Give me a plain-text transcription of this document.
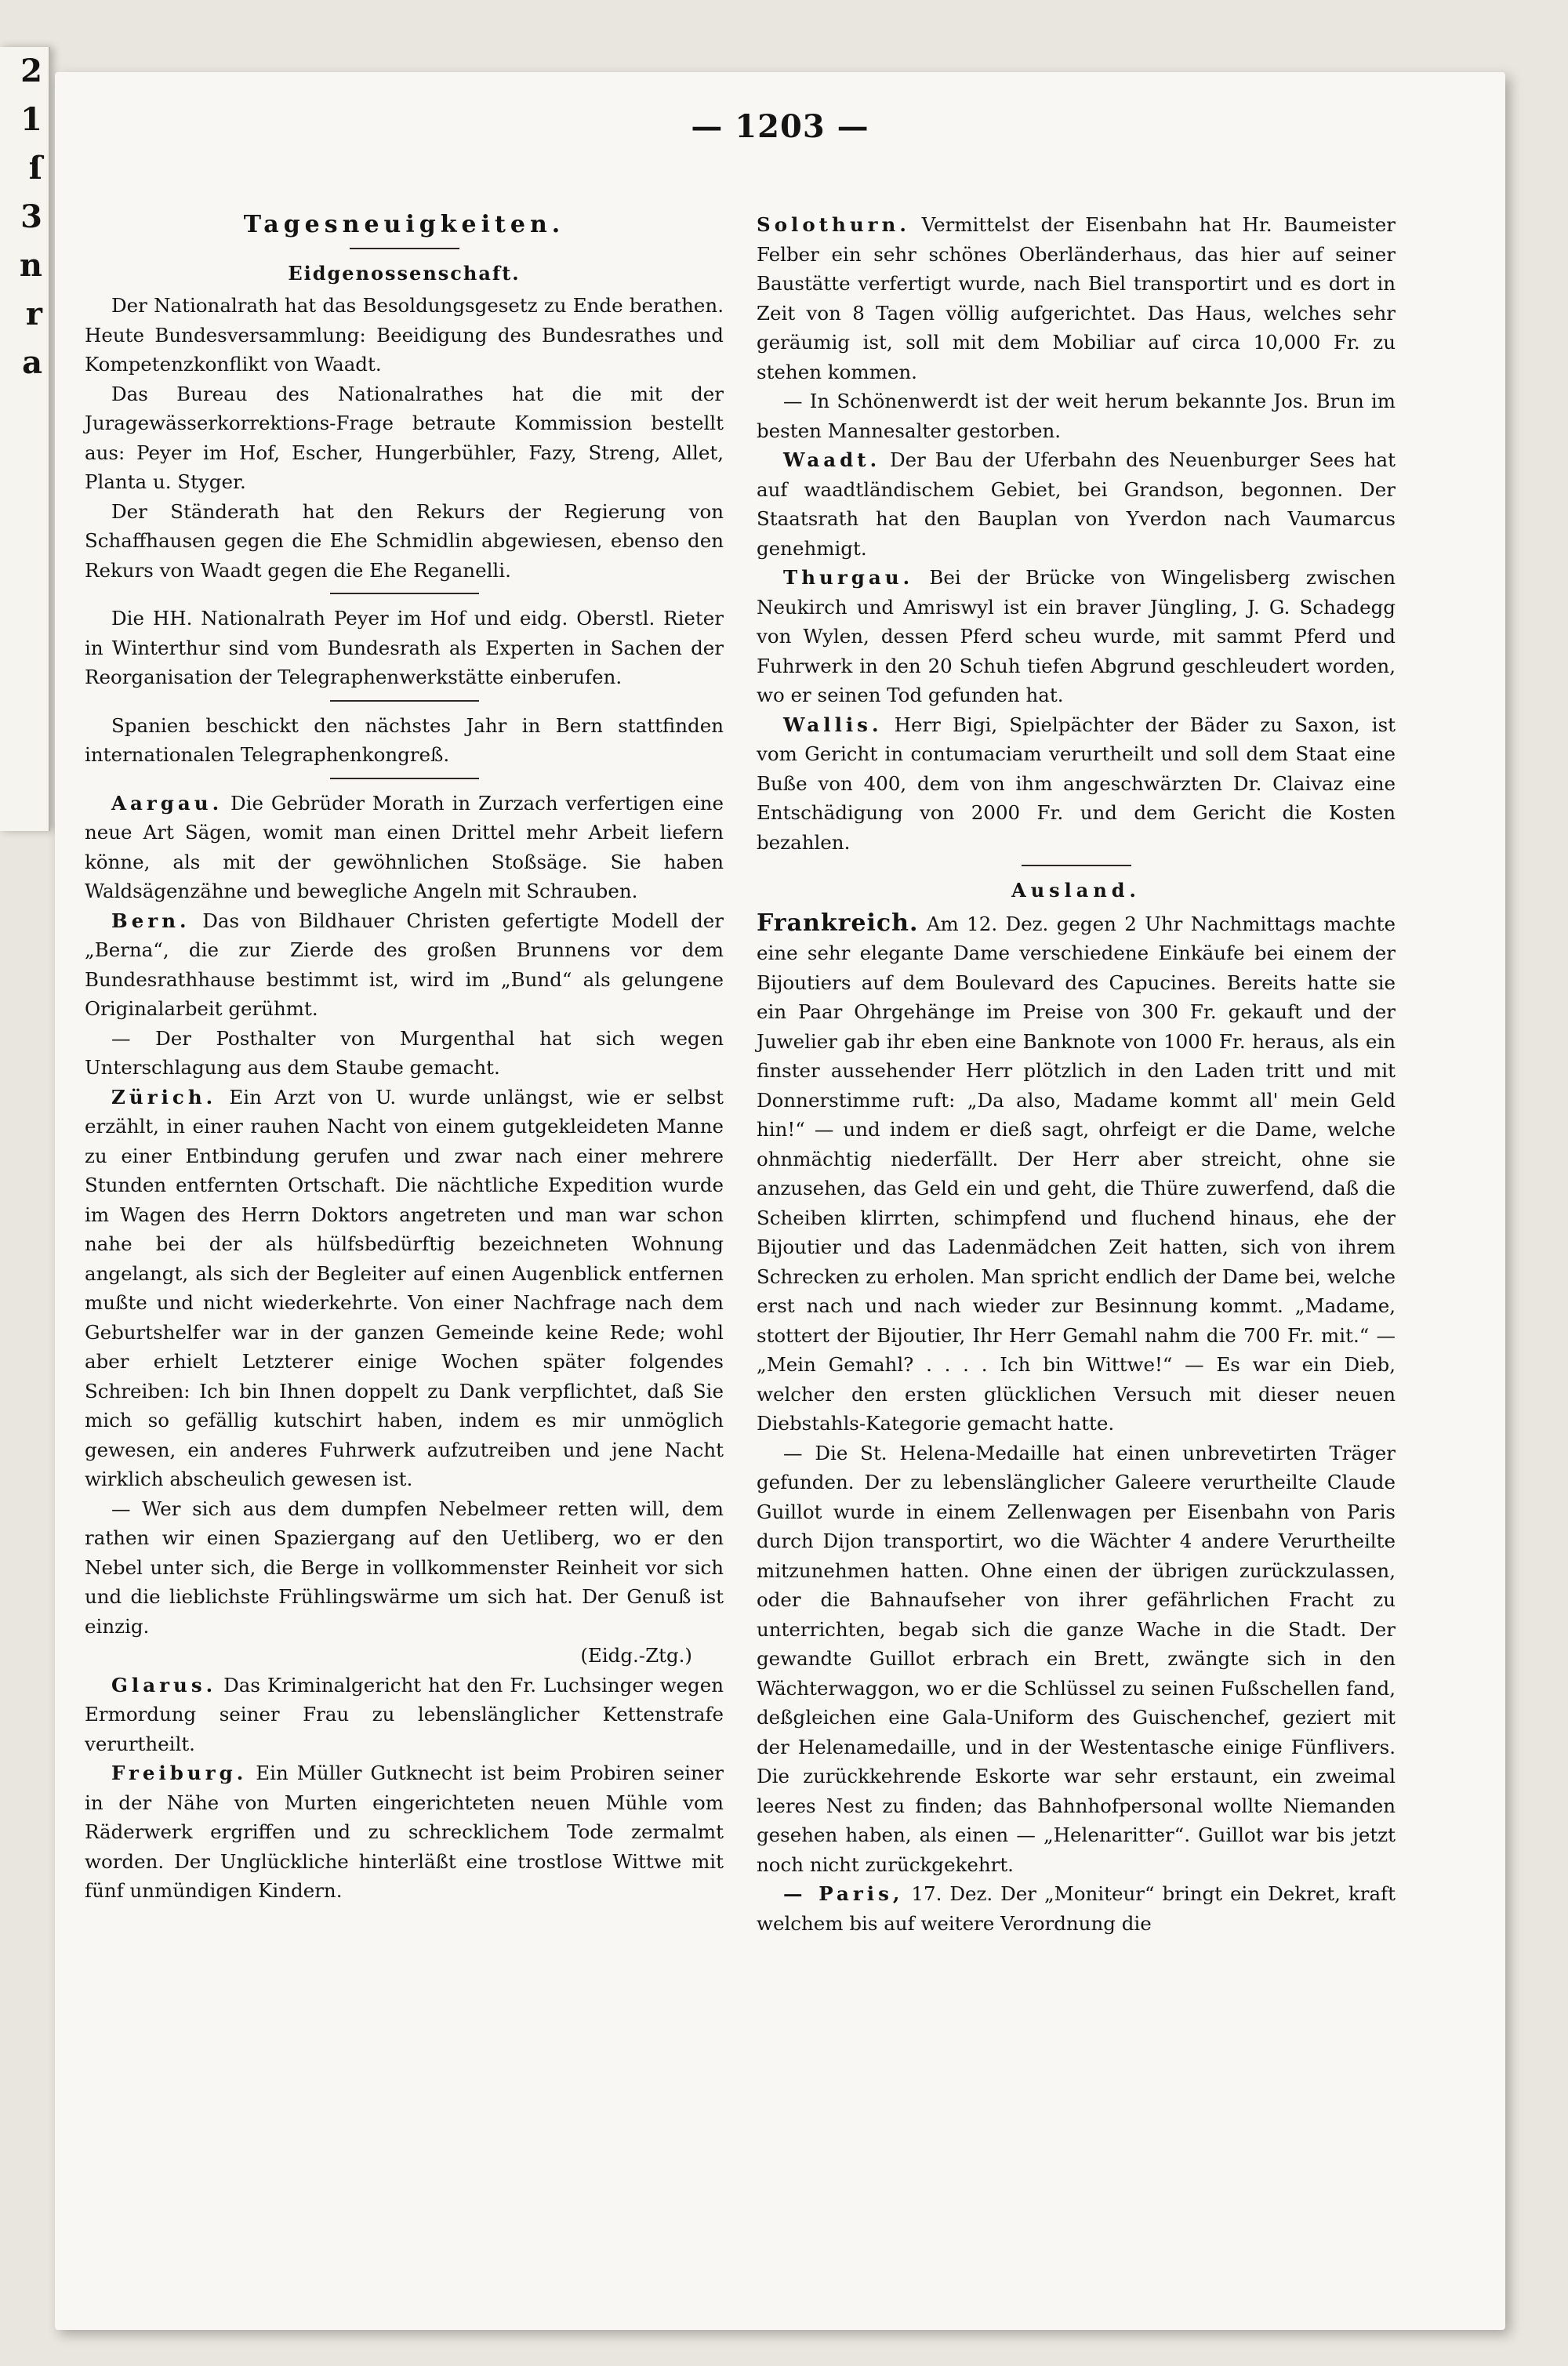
2
1
ſ
3
n
r
a
— 1203 —
Tagesneuigkeiten.
Eidgenossenschaft.

Der Nationalrath hat das Besoldungsgesetz zu Ende berathen. Heute Bundesversammlung: Beeidigung des Bundesrathes und Kompetenzkonflikt von Waadt.

Das Bureau des Nationalrathes hat die mit der Juragewässerkorrektions-Frage betraute Kommission bestellt aus: Peyer im Hof, Escher, Hungerbühler, Fazy, Streng, Allet, Planta u. Styger.

Der Ständerath hat den Rekurs der Regierung von Schaffhausen gegen die Ehe Schmidlin abgewiesen, ebenso den Rekurs von Waadt gegen die Ehe Reganelli.

Die HH. Nationalrath Peyer im Hof und eidg. Oberstl. Rieter in Winterthur sind vom Bundesrath als Experten in Sachen der Reorganisation der Telegraphenwerkstätte einberufen.

Spanien beschickt den nächstes Jahr in Bern stattfinden internationalen Telegraphenkongreß.

Aargau. Die Gebrüder Morath in Zurzach verfertigen eine neue Art Sägen, womit man einen Drittel mehr Arbeit liefern könne, als mit der gewöhnlichen Stoßsäge. Sie haben Waldsägenzähne und bewegliche Angeln mit Schrauben.

Bern. Das von Bildhauer Christen gefertigte Modell der „Berna“, die zur Zierde des großen Brunnens vor dem Bundesrathhause bestimmt ist, wird im „Bund“ als gelungene Originalarbeit gerühmt.

— Der Posthalter von Murgenthal hat sich wegen Unterschlagung aus dem Staube gemacht.

Zürich. Ein Arzt von U. wurde unlängst, wie er selbst erzählt, in einer rauhen Nacht von einem gutgekleideten Manne zu einer Entbindung gerufen und zwar nach einer mehrere Stunden entfernten Ortschaft. Die nächtliche Expedition wurde im Wagen des Herrn Doktors angetreten und man war schon nahe bei der als hülfsbedürftig bezeichneten Wohnung angelangt, als sich der Begleiter auf einen Augenblick entfernen mußte und nicht wiederkehrte. Von einer Nachfrage nach dem Geburtshelfer war in der ganzen Gemeinde keine Rede; wohl aber erhielt Letzterer einige Wochen später folgendes Schreiben: Ich bin Ihnen doppelt zu Dank verpflichtet, daß Sie mich so gefällig kutschirt haben, indem es mir unmöglich gewesen, ein anderes Fuhrwerk aufzutreiben und jene Nacht wirklich abscheulich gewesen ist.

— Wer sich aus dem dumpfen Nebelmeer retten will, dem rathen wir einen Spaziergang auf den Uetliberg, wo er den Nebel unter sich, die Berge in vollkommenster Reinheit vor sich und die lieblichste Frühlingswärme um sich hat. Der Genuß ist einzig.
(Eidg.-Ztg.)

Glarus. Das Kriminalgericht hat den Fr. Luchsinger wegen Ermordung seiner Frau zu lebenslänglicher Kettenstrafe verurtheilt.

Freiburg. Ein Müller Gutknecht ist beim Probiren seiner in der Nähe von Murten eingerichteten neuen Mühle vom Räderwerk ergriffen und zu schrecklichem Tode zermalmt worden. Der Unglückliche hinterläßt eine trostlose Wittwe mit fünf unmündigen Kindern.

Solothurn. Vermittelst der Eisenbahn hat Hr. Baumeister Felber ein sehr schönes Oberländerhaus, das hier auf seiner Baustätte verfertigt wurde, nach Biel transportirt und es dort in Zeit von 8 Tagen völlig aufgerichtet. Das Haus, welches sehr geräumig ist, soll mit dem Mobiliar auf circa 10,000 Fr. zu stehen kommen.

— In Schönenwerdt ist der weit herum bekannte Jos. Brun im besten Mannesalter gestorben.

Waadt. Der Bau der Uferbahn des Neuenburger Sees hat auf waadtländischem Gebiet, bei Grandson, begonnen. Der Staatsrath hat den Bauplan von Yverdon nach Vaumarcus genehmigt.

Thurgau. Bei der Brücke von Wingelisberg zwischen Neukirch und Amriswyl ist ein braver Jüngling, J. G. Schadegg von Wylen, dessen Pferd scheu wurde, mit sammt Pferd und Fuhrwerk in den 20 Schuh tiefen Abgrund geschleudert worden, wo er seinen Tod gefunden hat.

Wallis. Herr Bigi, Spielpächter der Bäder zu Saxon, ist vom Gericht in contumaciam verurtheilt und soll dem Staat eine Buße von 400, dem von ihm angeschwärzten Dr. Claivaz eine Entschädigung von 2000 Fr. und dem Gericht die Kosten bezahlen.

Ausland.

Frankreich. Am 12. Dez. gegen 2 Uhr Nachmittags machte eine sehr elegante Dame verschiedene Einkäufe bei einem der Bijoutiers auf dem Boulevard des Capucines. Bereits hatte sie ein Paar Ohrgehänge im Preise von 300 Fr. gekauft und der Juwelier gab ihr eben eine Banknote von 1000 Fr. heraus, als ein finster aussehender Herr plötzlich in den Laden tritt und mit Donnerstimme ruft: „Da also, Madame kommt all' mein Geld hin!“ — und indem er dieß sagt, ohrfeigt er die Dame, welche ohnmächtig niederfällt. Der Herr aber streicht, ohne sie anzusehen, das Geld ein und geht, die Thüre zuwerfend, daß die Scheiben klirrten, schimpfend und fluchend hinaus, ehe der Bijoutier und das Ladenmädchen Zeit hatten, sich von ihrem Schrecken zu erholen. Man spricht endlich der Dame bei, welche erst nach und nach wieder zur Besinnung kommt. „Madame, stottert der Bijoutier, Ihr Herr Gemahl nahm die 700 Fr. mit.“ — „Mein Gemahl? . . . . Ich bin Wittwe!“ — Es war ein Dieb, welcher den ersten glücklichen Versuch mit dieser neuen Diebstahls-Kategorie gemacht hatte.

— Die St. Helena-Medaille hat einen unbrevetirten Träger gefunden. Der zu lebenslänglicher Galeere verurtheilte Claude Guillot wurde in einem Zellenwagen per Eisenbahn von Paris durch Dijon transportirt, wo die Wächter 4 andere Verurtheilte mitzunehmen hatten. Ohne einen der übrigen zurückzulassen, oder die Bahnaufseher von ihrer gefährlichen Fracht zu unterrichten, begab sich die ganze Wache in die Stadt. Der gewandte Guillot erbrach ein Brett, zwängte sich in den Wächterwaggon, wo er die Schlüssel zu seinen Fußschellen fand, deßgleichen eine Gala-Uniform des Guischenchef, geziert mit der Helenamedaille, und in der Westentasche einige Fünflivers. Die zurückkehrende Eskorte war sehr erstaunt, ein zweimal leeres Nest zu finden; das Bahnhofpersonal wollte Niemanden gesehen haben, als einen — „Helenaritter“. Guillot war bis jetzt noch nicht zurückgekehrt.

— Paris, 17. Dez. Der „Moniteur“ bringt ein Dekret, kraft welchem bis auf weitere Verordnung die
